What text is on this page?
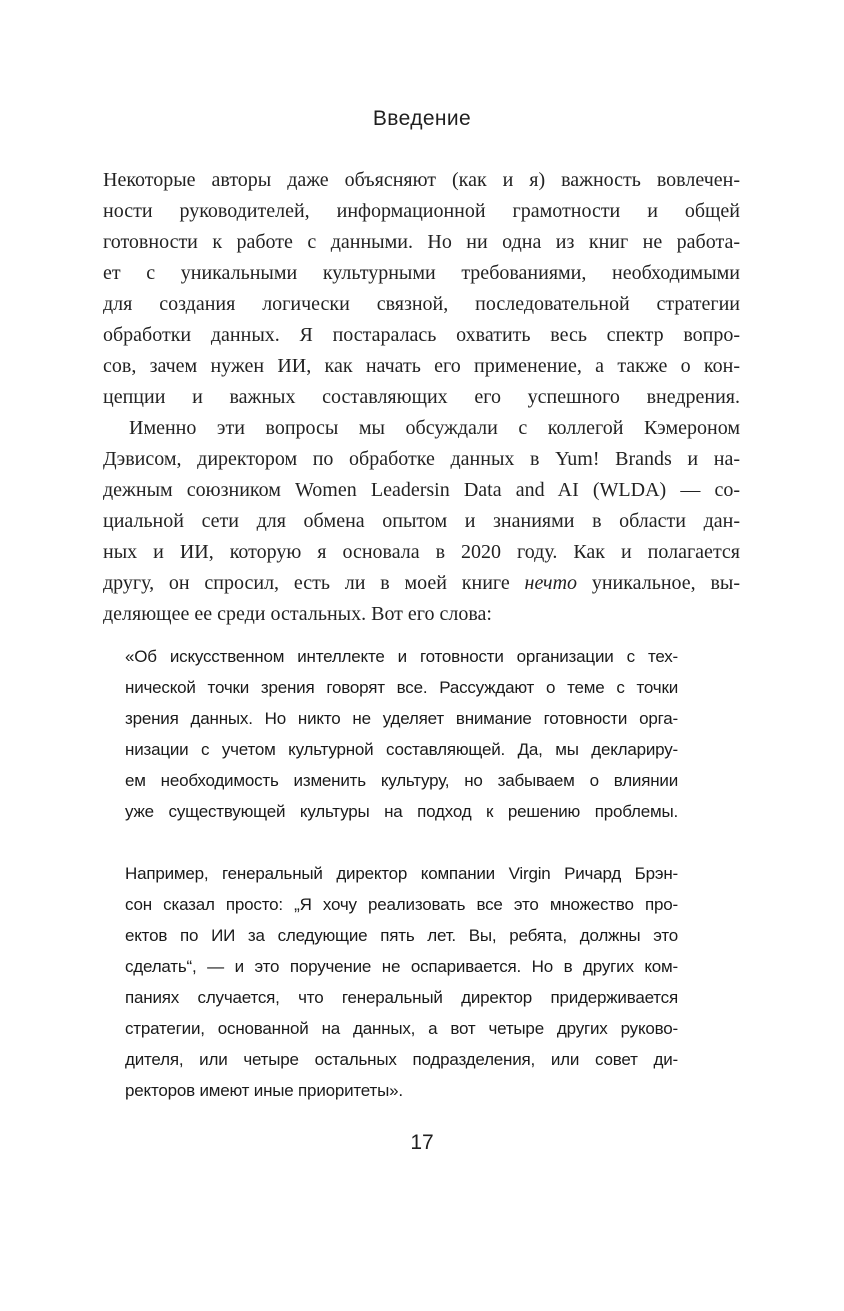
Введение
Некоторые авторы даже объясняют (как и я) важность вовлечен-
ности руководителей, информационной грамотности и общей
готовности к работе с данными. Но ни одна из книг не работа-
ет с уникальными культурными требованиями, необходимыми
для создания логически связной, последовательной стратегии
обработки данных. Я постаралась охватить весь спектр вопро-
сов, зачем нужен ИИ, как начать его применение, а также о кон-
цепции и важных составляющих его успешного внедрения.
Именно эти вопросы мы обсуждали с коллегой Кэмероном
Дэвисом, директором по обработке данных в Yum! Brands и на-
дежным союзником Women Leadersin Data and AI (WLDA) — со-
циальной сети для обмена опытом и знаниями в области дан-
ных и ИИ, которую я основала в 2020 году. Как и полагается
другу, он спросил, есть ли в моей книге нечто уникальное, вы-
деляющее ее среди остальных. Вот его слова:
«Об искусственном интеллекте и готовности организации с тех-
нической точки зрения говорят все. Рассуждают о теме с точки
зрения данных. Но никто не уделяет внимание готовности орга-
низации с учетом культурной составляющей. Да, мы деклариру-
ем необходимость изменить культуру, но забываем о влиянии
уже существующей культуры на подход к решению проблемы.
Например, генеральный директор компании Virgin Ричард Брэн-
сон сказал просто: „Я хочу реализовать все это множество про-
ектов по ИИ за следующие пять лет. Вы, ребята, должны это
сделать“, — и это поручение не оспаривается. Но в других ком-
паниях случается, что генеральный директор придерживается
стратегии, основанной на данных, а вот четыре других руково-
дителя, или четыре остальных подразделения, или совет ди-
ректоров имеют иные приоритеты».
17
